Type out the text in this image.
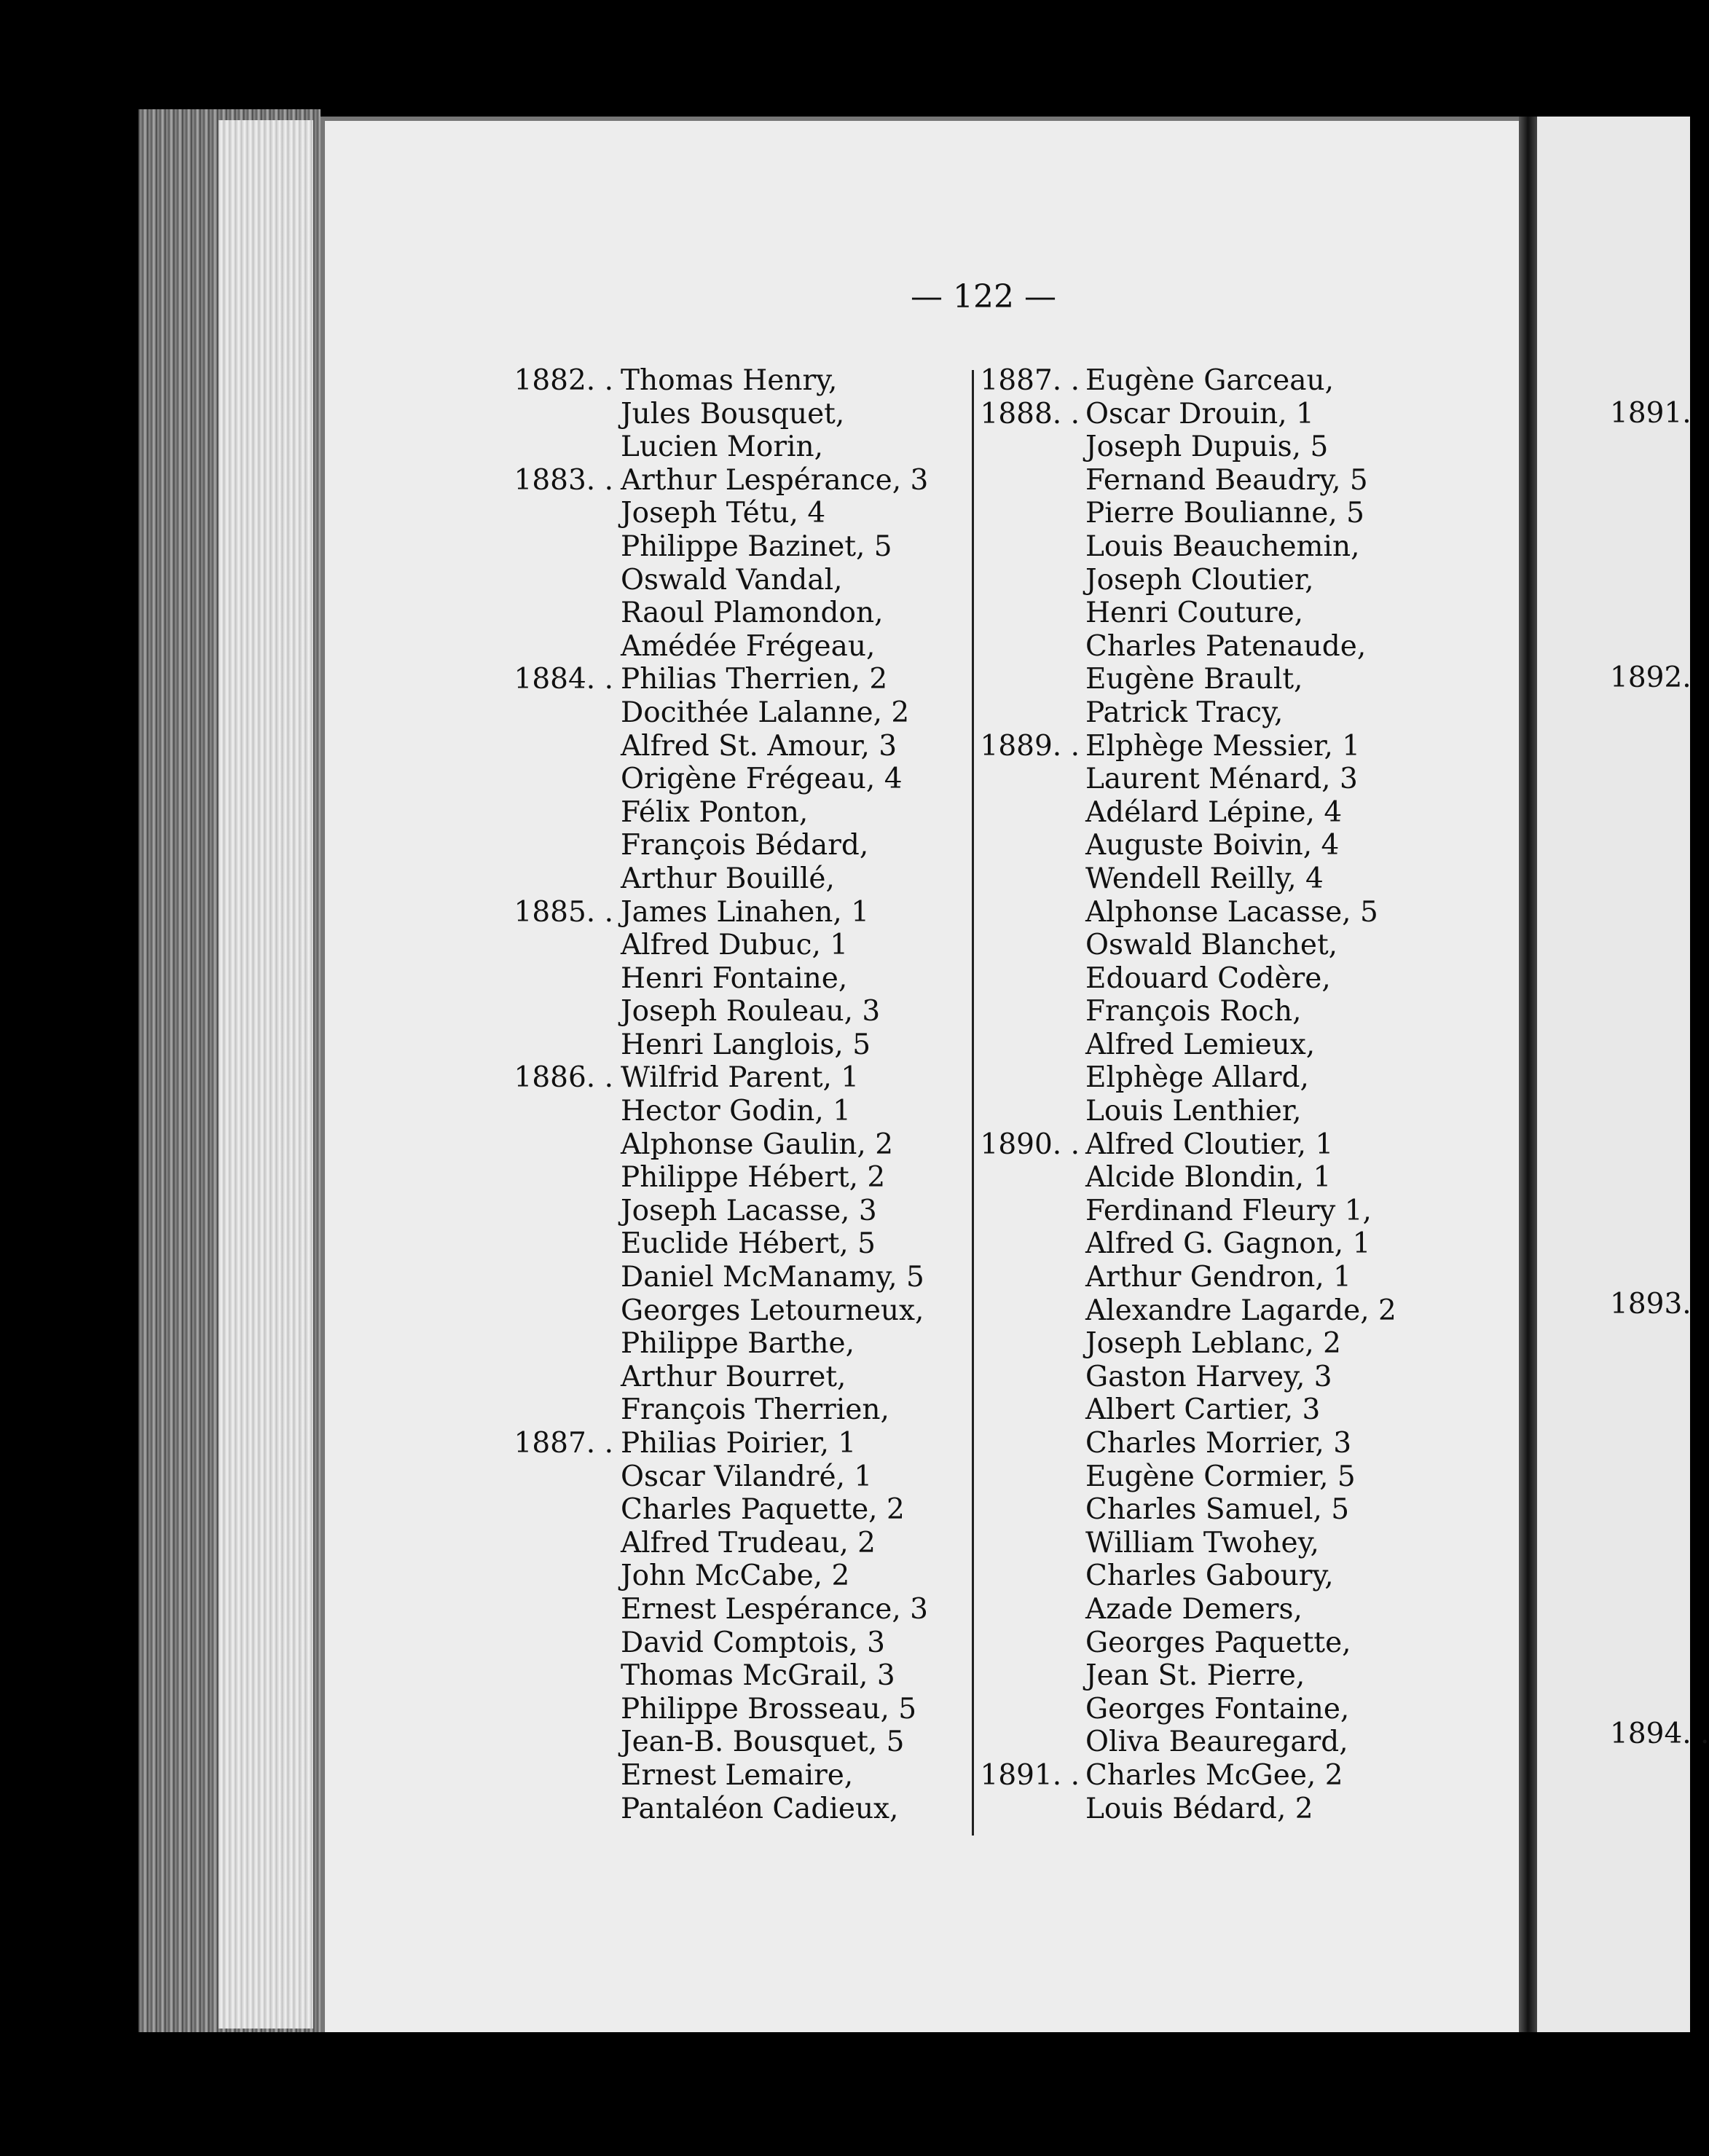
— 122 —
1882. . Thomas Henry,
Jules Bousquet,
Lucien Morin,
1883. . Arthur Lespérance, 3
Joseph Tétu, 4
Philippe Bazinet, 5
Oswald Vandal,
Raoul Plamondon,
Amédée Frégeau,
1884. . Philias Therrien, 2
Docithée Lalanne, 2
Alfred St. Amour, 3
Origène Frégeau, 4
Félix Ponton,
François Bédard,
Arthur Bouillé,
1885. . James Linahen, 1
Alfred Dubuc, 1
Henri Fontaine,
Joseph Rouleau, 3
Henri Langlois, 5
1886. . Wilfrid Parent, 1
Hector Godin, 1
Alphonse Gaulin, 2
Philippe Hébert, 2
Joseph Lacasse, 3
Euclide Hébert, 5
Daniel McManamy, 5
Georges Letourneux,
Philippe Barthe,
Arthur Bourret,
François Therrien,
1887. . Philias Poirier, 1
Oscar Vilandré, 1
Charles Paquette, 2
Alfred Trudeau, 2
John McCabe, 2
Ernest Lespérance, 3
David Comptois, 3
Thomas McGrail, 3
Philippe Brosseau, 5
Jean-B. Bousquet, 5
Ernest Lemaire,
Pantaléon Cadieux,
1887. . Eugène Garceau,
1888. . Oscar Drouin, 1
Joseph Dupuis, 5
Fernand Beaudry, 5
Pierre Boulianne, 5
Louis Beauchemin,
Joseph Cloutier,
Henri Couture,
Charles Patenaude,
Eugène Brault,
Patrick Tracy,
1889. . Elphège Messier, 1
Laurent Ménard, 3
Adélard Lépine, 4
Auguste Boivin, 4
Wendell Reilly, 4
Alphonse Lacasse, 5
Oswald Blanchet,
Edouard Codère,
François Roch,
Alfred Lemieux,
Elphège Allard,
Louis Lenthier,
1890. . Alfred Cloutier, 1
Alcide Blondin, 1
Ferdinand Fleury 1,
Alfred G. Gagnon, 1
Arthur Gendron, 1
Alexandre Lagarde, 2
Joseph Leblanc, 2
Gaston Harvey, 3
Albert Cartier, 3
Charles Morrier, 3
Eugène Cormier, 5
Charles Samuel, 5
William Twohey,
Charles Gaboury,
Azade Demers,
Georges Paquette,
Jean St. Pierre,
Georges Fontaine,
Oliva Beauregard,
1891. . Charles McGee, 2
Louis Bédard, 2
1891.
1892.
1893.
1894. .
